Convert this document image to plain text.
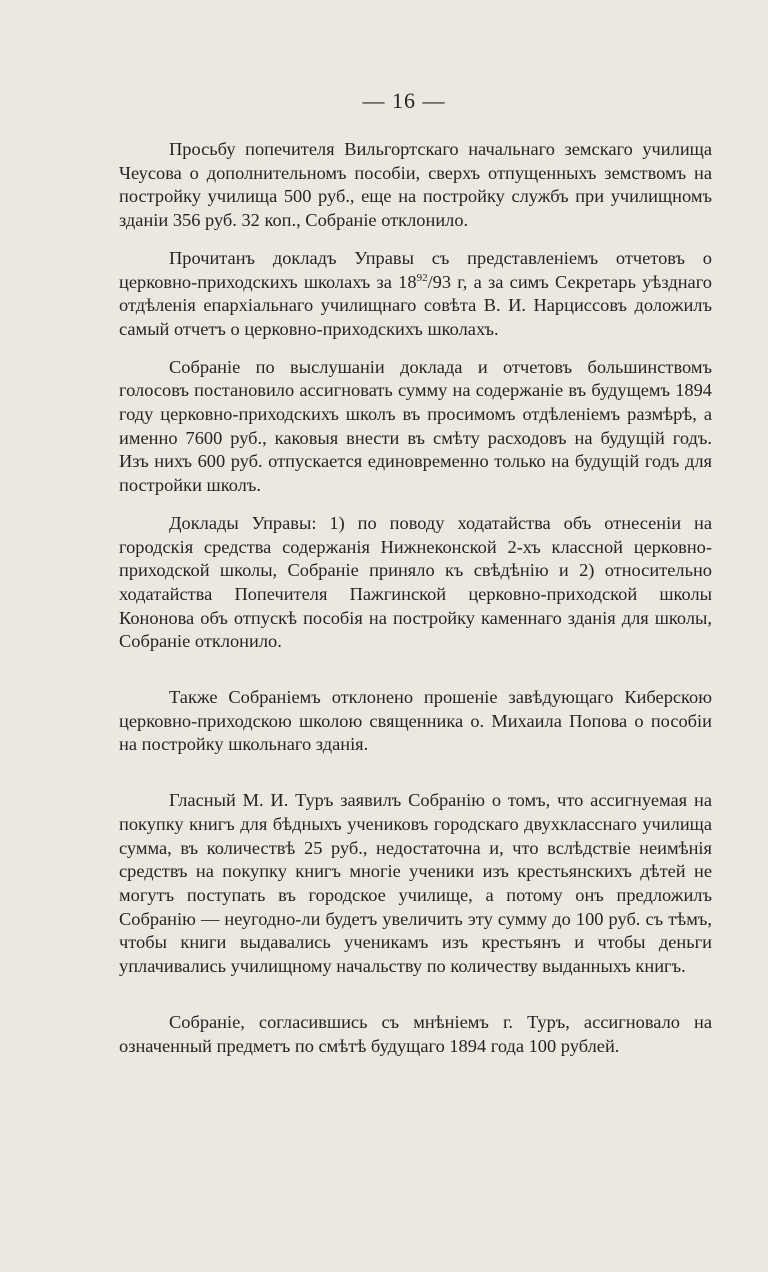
— 16 —

Просьбу попечителя Вильгортскаго начальнаго земскаго училища Чеусова о дополнительномъ пособіи, сверхъ отпущенныхъ земствомъ на постройку училища 500 руб., еще на постройку службъ при училищномъ зданіи 356 руб. 32 коп., Собраніе отклонило.

Прочитанъ докладъ Управы съ представленіемъ отчетовъ о церковно-приходскихъ школахъ за $18^{92}/93$ г, а за симъ Секретарь уѣзднаго отдѣленія епархіальнаго училищнаго совѣта В. И. Нарциссовъ доложилъ самый отчетъ о церковно-приходскихъ школахъ.

Собраніе по выслушаніи доклада и отчетовъ большинствомъ голосовъ постановило ассигновать сумму на содержаніе въ будущемъ 1894 году церковно-приходскихъ школъ въ просимомъ отдѣленіемъ размѣрѣ, а именно 7600 руб., каковыя внести въ смѣту расходовъ на будущій годъ. Изъ нихъ 600 руб. отпускается единовременно только на будущій годъ для постройки школъ.

Доклады Управы: 1) по поводу ходатайства объ отнесеніи на городскія средства содержанія Нижнеконской 2-хъ классной церковно-приходской школы, Собраніе приняло къ свѣдѣнію и 2) относительно ходатайства Попечителя Пажгинской церковно-приходской школы Кононова объ отпускѣ пособія на постройку каменнаго зданія для школы, Собраніе отклонило.

Также Собраніемъ отклонено прошеніе завѣдующаго Киберскою церковно-приходскою школою священника о. Михаила Попова о пособіи на постройку школьнаго зданія.

Гласный М. И. Туръ заявилъ Собранію о томъ, что ассигнуемая на покупку книгъ для бѣдныхъ учениковъ городскаго двухкласснаго училища сумма, въ количествѣ 25 руб., недостаточна и, что вслѣдствіе неимѣнія средствъ на покупку книгъ многіе ученики изъ крестьянскихъ дѣтей не могутъ поступать въ городское училище, а потому онъ предложилъ Собранію — неугодно-ли будетъ увеличить эту сумму до 100 руб. съ тѣмъ, чтобы книги выдавались ученикамъ изъ крестьянъ и чтобы деньги уплачивались училищному начальству по количеству выданныхъ книгъ.

Собраніе, согласившись съ мнѣніемъ г. Туръ, ассигновало на означенный предметъ по смѣтѣ будущаго 1894 года 100 рублей.
